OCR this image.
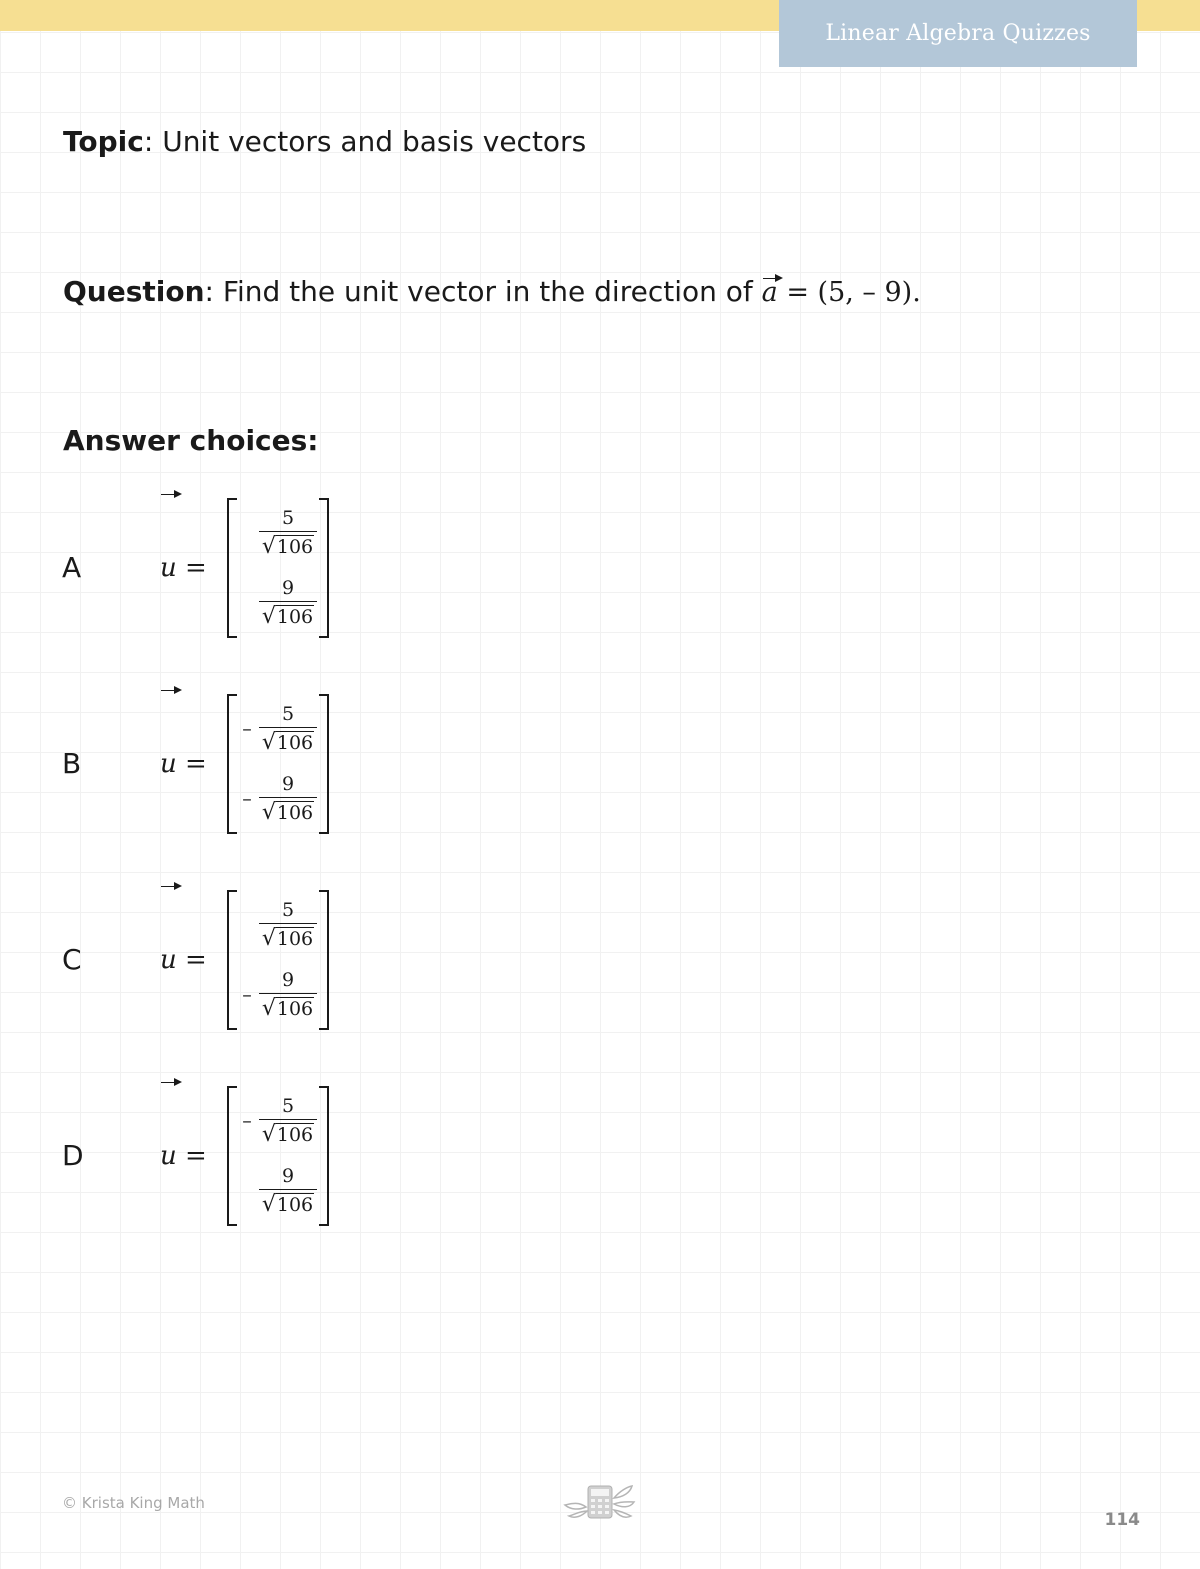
Linear Algebra Quizzes
Topic: Unit vectors and basis vectors
Question: Find the unit vector in the direction of a = (5, – 9).
Answer choices:
A	u =
$\frac{5}{√106}$
$\frac{9}{√106}$
B	u =
– $\frac{5}{√106}$
– $\frac{9}{√106}$
C	u =
$\frac{5}{√106}$
– $\frac{9}{√106}$
D	u =
– $\frac{5}{√106}$
$\frac{9}{√106}$
© Krista King Math
114
